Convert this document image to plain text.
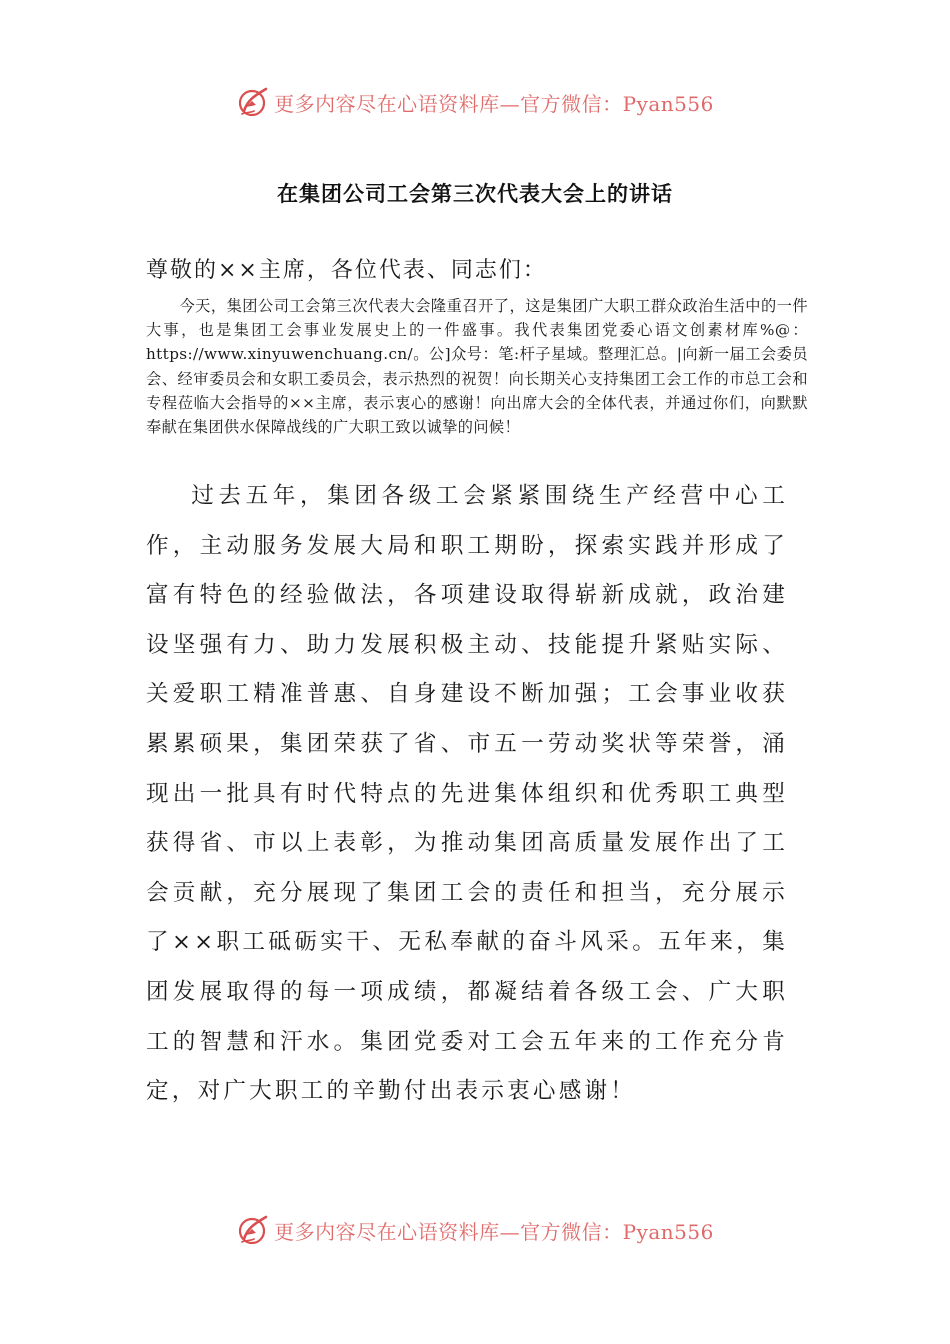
更多内容尽在心语资料库—官方微信：Pyan556
在集团公司工会第三次代表大会上的讲话
尊敬的××主席，各位代表、同志们：

今天，集团公司工会第三次代表大会隆重召开了，这是集团广大职工群众政治生活中的一件大事，也是集团工会事业发展史上的一件盛事。我代表集团党委心语文创素材库%@：https://www.xinyuwenchuang.cn/。公]众号：笔:杆子星域。整理汇总。|向新一届工会委员会、经审委员会和女职工委员会，表示热烈的祝贺！向长期关心支持集团工会工作的市总工会和专程莅临大会指导的××主席，表示衷心的感谢！向出席大会的全体代表，并通过你们，向默默奉献在集团供水保障战线的广大职工致以诚挚的问候！

过去五年，集团各级工会紧紧围绕生产经营中心工作，主动服务发展大局和职工期盼，探索实践并形成了富有特色的经验做法，各项建设取得崭新成就，政治建设坚强有力、助力发展积极主动、技能提升紧贴实际、关爱职工精准普惠、自身建设不断加强；工会事业收获累累硕果，集团荣获了省、市五一劳动奖状等荣誉，涌现出一批具有时代特点的先进集体组织和优秀职工典型获得省、市以上表彰，为推动集团高质量发展作出了工会贡献，充分展现了集团工会的责任和担当，充分展示了××职工砥砺实干、无私奉献的奋斗风采。五年来，集团发展取得的每一项成绩，都凝结着各级工会、广大职工的智慧和汗水。集团党委对工会五年来的工作充分肯定，对广大职工的辛勤付出表示衷心感谢！

更多内容尽在心语资料库—官方微信：Pyan556
